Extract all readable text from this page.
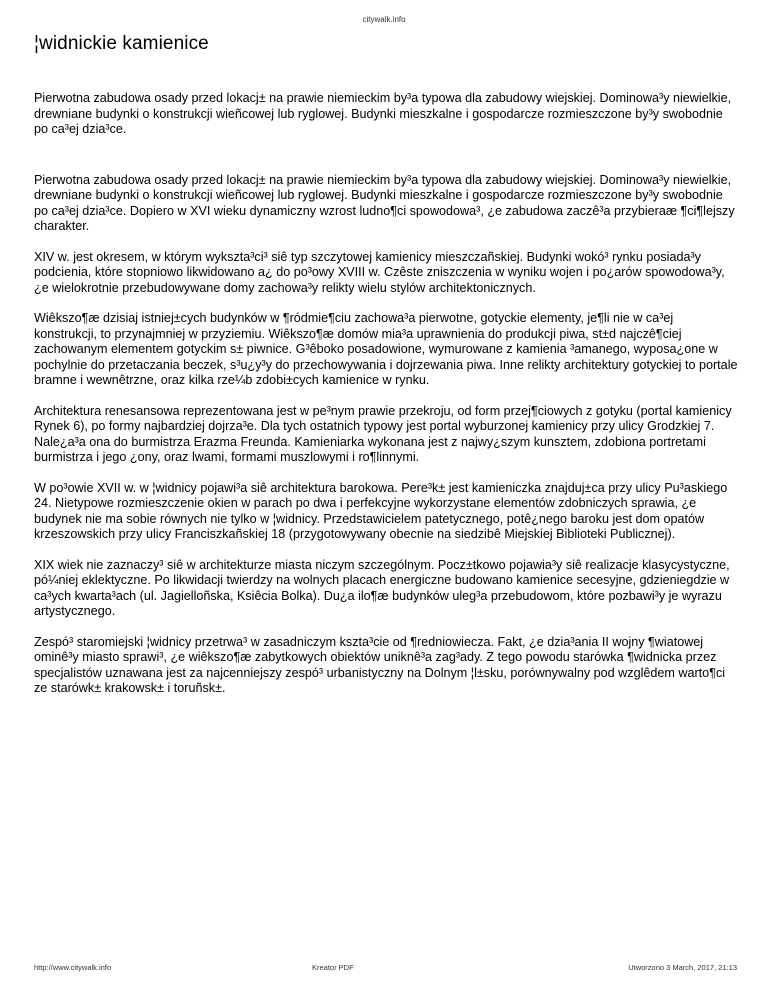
citywalk.info
¦widnickie kamienice

Pierwotna zabudowa osady przed lokacj± na prawie niemieckim by³a typowa dla zabudowy wiejskiej. Dominowa³y niewielkie, drewniane budynki o konstrukcji wieñcowej lub ryglowej. Budynki mieszkalne i gospodarcze rozmieszczone by³y swobodnie po ca³ej dzia³ce.

Pierwotna zabudowa osady przed lokacj± na prawie niemieckim by³a typowa dla zabudowy wiejskiej. Dominowa³y niewielkie, drewniane budynki o konstrukcji wieñcowej lub ryglowej. Budynki mieszkalne i gospodarcze rozmieszczone by³y swobodnie po ca³ej dzia³ce. Dopiero w XVI wieku dynamiczny wzrost ludno¶ci spowodowa³, ¿e zabudowa zaczê³a przybieraæ ¶ci¶lejszy charakter.

XIV w. jest okresem, w którym wykszta³ci³ siê typ szczytowej kamienicy mieszczañskiej. Budynki wokó³ rynku posiada³y podcienia, które stopniowo likwidowano a¿ do po³owy XVIII w. Czêste zniszczenia w wyniku wojen i po¿arów spowodowa³y, ¿e wielokrotnie przebudowywane domy zachowa³y relikty wielu stylów architektonicznych.

Wiêkszo¶æ dzisiaj istniej±cych budynków w ¶ródmie¶ciu zachowa³a pierwotne, gotyckie elementy, je¶li nie w ca³ej konstrukcji, to przynajmniej w przyziemiu. Wiêkszo¶æ domów mia³a uprawnienia do produkcji piwa, st±d najczê¶ciej zachowanym elementem gotyckim s± piwnice. G³êboko posadowione, wymurowane z kamienia ³amanego, wyposa¿one w pochylnie do przetaczania beczek, s³u¿y³y do przechowywania i dojrzewania piwa. Inne relikty architektury gotyckiej to portale bramne i wewnêtrzne, oraz kilka rze¼b zdobi±cych kamienice w rynku.

Architektura renesansowa reprezentowana jest w pe³nym prawie przekroju, od form przej¶ciowych z gotyku (portal kamienicy Rynek 6), po formy najbardziej dojrza³e. Dla tych ostatnich typowy jest portal wyburzonej kamienicy przy ulicy Grodzkiej 7. Nale¿a³a ona do burmistrza Erazma Freunda. Kamieniarka wykonana jest z najwy¿szym kunsztem, zdobiona portretami burmistrza i jego ¿ony, oraz lwami, formami muszlowymi i ro¶linnymi.

W po³owie XVII w. w ¦widnicy pojawi³a siê architektura barokowa. Pere³k± jest kamieniczka znajduj±ca przy ulicy Pu³askiego 24. Nietypowe rozmieszczenie okien w parach po dwa i perfekcyjne wykorzystane elementów zdobniczych sprawia, ¿e budynek nie ma sobie równych nie tylko w ¦widnicy. Przedstawicielem patetycznego, potê¿nego baroku jest dom opatów krzeszowskich przy ulicy Franciszkañskiej 18 (przygotowywany obecnie na siedzibê Miejskiej Biblioteki Publicznej).

XIX wiek nie zaznaczy³ siê w architekturze miasta niczym szczególnym. Pocz±tkowo pojawia³y siê realizacje klasycystyczne, pó¼niej eklektyczne. Po likwidacji twierdzy na wolnych placach energiczne budowano kamienice secesyjne, gdzieniegdzie w ca³ych kwarta³ach (ul. Jagielloñska, Ksiêcia Bolka). Du¿a ilo¶æ budynków uleg³a przebudowom, które pozbawi³y je wyrazu artystycznego.

Zespó³ staromiejski ¦widnicy przetrwa³ w zasadniczym kszta³cie od ¶redniowiecza. Fakt, ¿e dzia³ania II wojny ¶wiatowej ominê³y miasto sprawi³, ¿e wiêkszo¶æ zabytkowych obiektów uniknê³a zag³ady. Z tego powodu starówka ¶widnicka przez specjalistów uznawana jest za najcenniejszy zespó³ urbanistyczny na Dolnym ¦l±sku, porównywalny pod wzglêdem warto¶ci ze starówk± krakowsk± i toruñsk±.

http://www.citywalk.info	Kreator PDF	Utworzono 3 March, 2017, 21:13
